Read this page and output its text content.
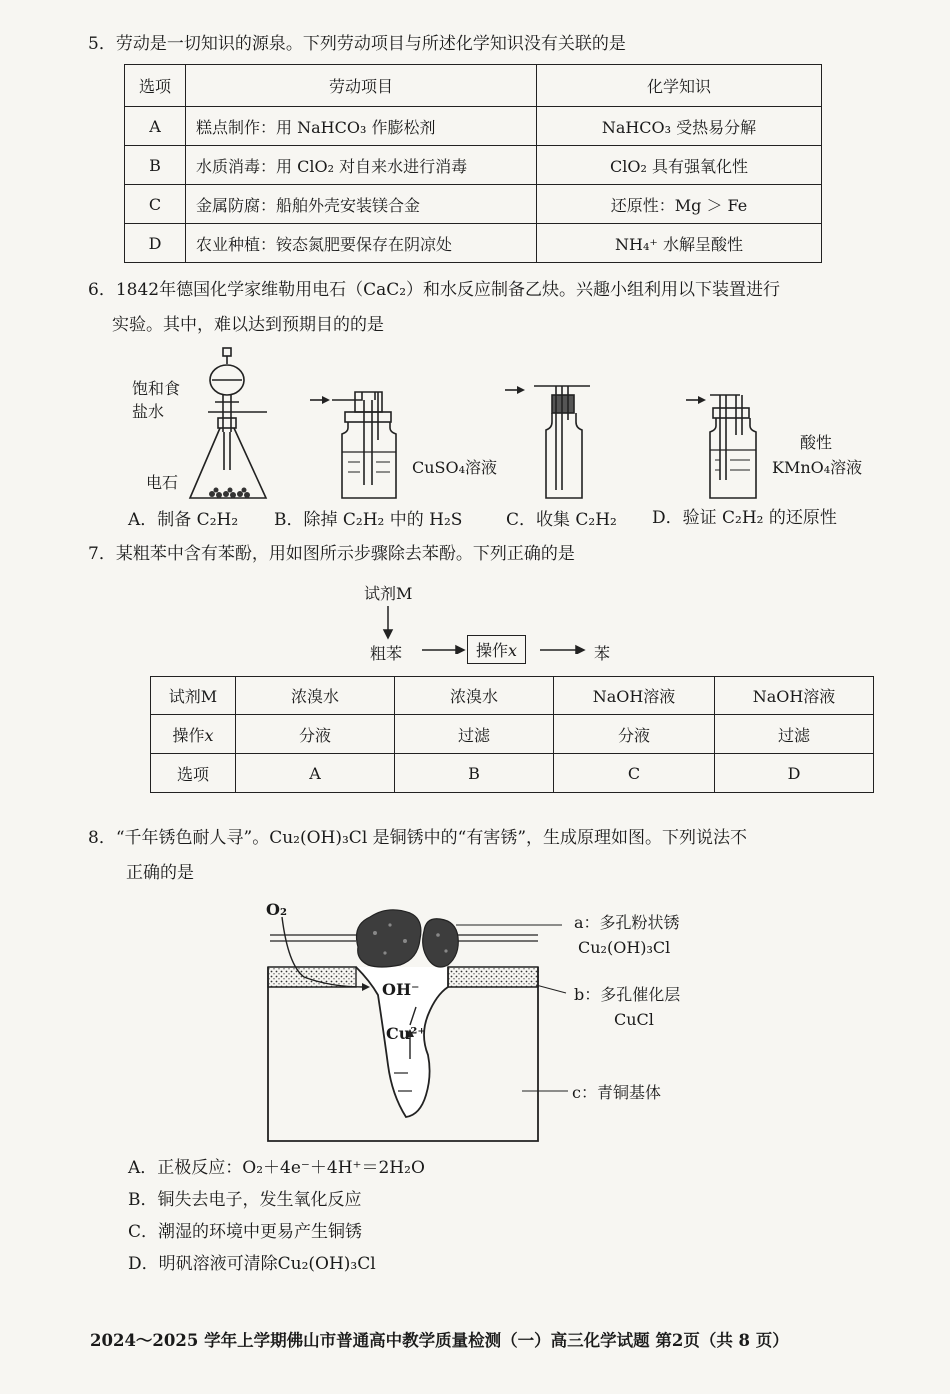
5．劳动是一切知识的源泉。下列劳动项目与所述化学知识没有关联的是
选项	劳动项目	化学知识
A	糕点制作：用 NaHCO₃ 作膨松剂	NaHCO₃ 受热易分解
B	水质消毒：用 ClO₂ 对自来水进行消毒	ClO₂ 具有强氧化性
C	金属防腐：船舶外壳安装镁合金	还原性：Mg ＞ Fe
D	农业种植：铵态氮肥要保存在阴凉处	NH₄⁺ 水解呈酸性
6．1842年德国化学家维勒用电石（CaC₂）和水反应制备乙炔。兴趣小组利用以下装置进行
实验。其中，难以达到预期目的的是
饱和食
盐水
电石
CuSO₄溶液
酸性
KMnO₄溶液
A．制备 C₂H₂ B．除掉 C₂H₂ 中的 H₂S	C．收集 C₂H₂ D．验证 C₂H₂ 的还原性
7．某粗苯中含有苯酚，用如图所示步骤除去苯酚。下列正确的是
试剂M
粗苯	操作x	苯
试剂M	浓溴水	浓溴水	NaOH溶液	NaOH溶液
操作x	分液	过滤	分液	过滤
选项	A	B	C	D
8．“千年锈色耐人寻”。Cu₂(OH)₃Cl 是铜锈中的“有害锈”，生成原理如图。下列说法不
正确的是
O₂
OH⁻
Cu²⁺
a：多孔粉状锈
Cu₂(OH)₃Cl
b：多孔催化层
CuCl
c：青铜基体
A．正极反应：O₂＋4e⁻＋4H⁺＝2H₂O
B．铜失去电子，发生氧化反应
C．潮湿的环境中更易产生铜锈
D．明矾溶液可清除Cu₂(OH)₃Cl
2024～2025 学年上学期佛山市普通高中教学质量检测（一）高三化学试题 第2页（共 8 页）
